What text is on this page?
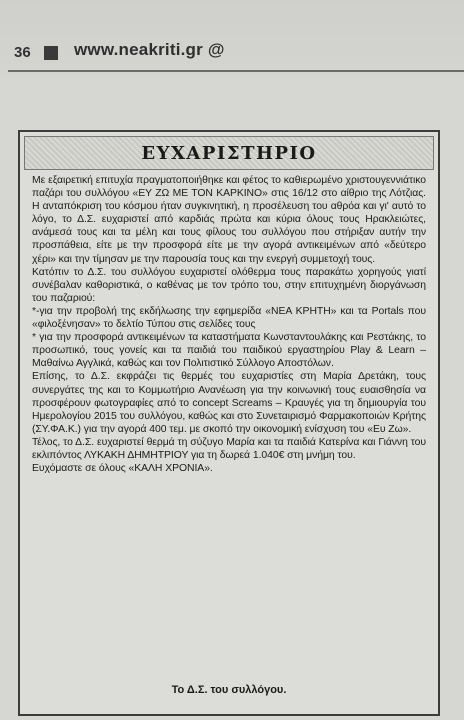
36	www.neakriti.gr @
ΕΥΧΑΡΙΣΤΗΡΙΟ

Με εξαιρετική επιτυχία πραγματοποιήθηκε και φέτος το καθιερωμένο χριστουγεννιάτικο παζάρι του συλλόγου «ΕΥ ΖΩ ΜΕ ΤΟΝ ΚΑΡΚΙΝΟ» στις 16/12 στο αίθριο της Λότζιας. Η ανταπόκριση του κόσμου ήταν συγκινητική, η προσέλευση του αθρόα και γι' αυτό το λόγο, το Δ.Σ. ευχαριστεί από καρδιάς πρώτα και κύρια όλους τους Ηρακλειώτες, ανάμεσά τους και τα μέλη και τους φίλους του συλλόγου που στήριξαν αυτήν την προσπάθεια, είτε με την προσφορά είτε με την αγορά αντικειμένων από «δεύτερο χέρι» και την τίμησαν με την παρουσία τους και την ενεργή συμμετοχή τους.

Κατόπιν το Δ.Σ. του συλλόγου ευχαριστεί ολόθερμα τους παρακάτω χορηγούς γιατί συνέβαλαν καθοριστικά, ο καθένας με τον τρόπο του, στην επιτυχημένη διοργάνωση του παζαριού:

*-για την προβολή της εκδήλωσης την εφημερίδα «ΝΕΑ ΚΡΗΤΗ» και τα Portals που «φιλοξένησαν» το δελτίο Τύπου στις σελίδες τους

* για την προσφορά αντικειμένων τα καταστήματα Κωνσταντουλάκης και Ρεστάκης, το προσωπικό, τους γονείς και τα παιδιά του παιδικού εργαστηρίου Play & Learn – Μαθαίνω Αγγλικά, καθώς και τον Πολιτιστικό Σύλλογο Αποστόλων.

Επίσης, το Δ.Σ. εκφράζει τις θερμές του ευχαριστίες στη Μαρία Δρετάκη, τους συνεργάτες της και το Κομμωτήριο Ανανέωση για την κοινωνική τους ευαισθησία να προσφέρουν φωτογραφίες από το concept Screams – Κραυγές για τη δημιουργία του Ημερολογίου 2015 του συλλόγου, καθώς και στο Συνεταιρισμό Φαρμακοποιών Κρήτης (ΣΥ.ΦΑ.Κ.) για την αγορά 400 τεμ. με σκοπό την οικονομική ενίσχυση του «Ευ Ζω».

Τέλος, το Δ.Σ. ευχαριστεί θερμά τη σύζυγο Μαρία και τα παιδιά Κατερίνα και Γιάννη του εκλιπόντος ΛΥΚΑΚΗ ΔΗΜΗΤΡΙΟΥ για τη δωρεά 1.040€ στη μνήμη του.

Ευχόμαστε σε όλους «ΚΑΛΗ ΧΡΟΝΙΑ».

Το Δ.Σ. του συλλόγου.
